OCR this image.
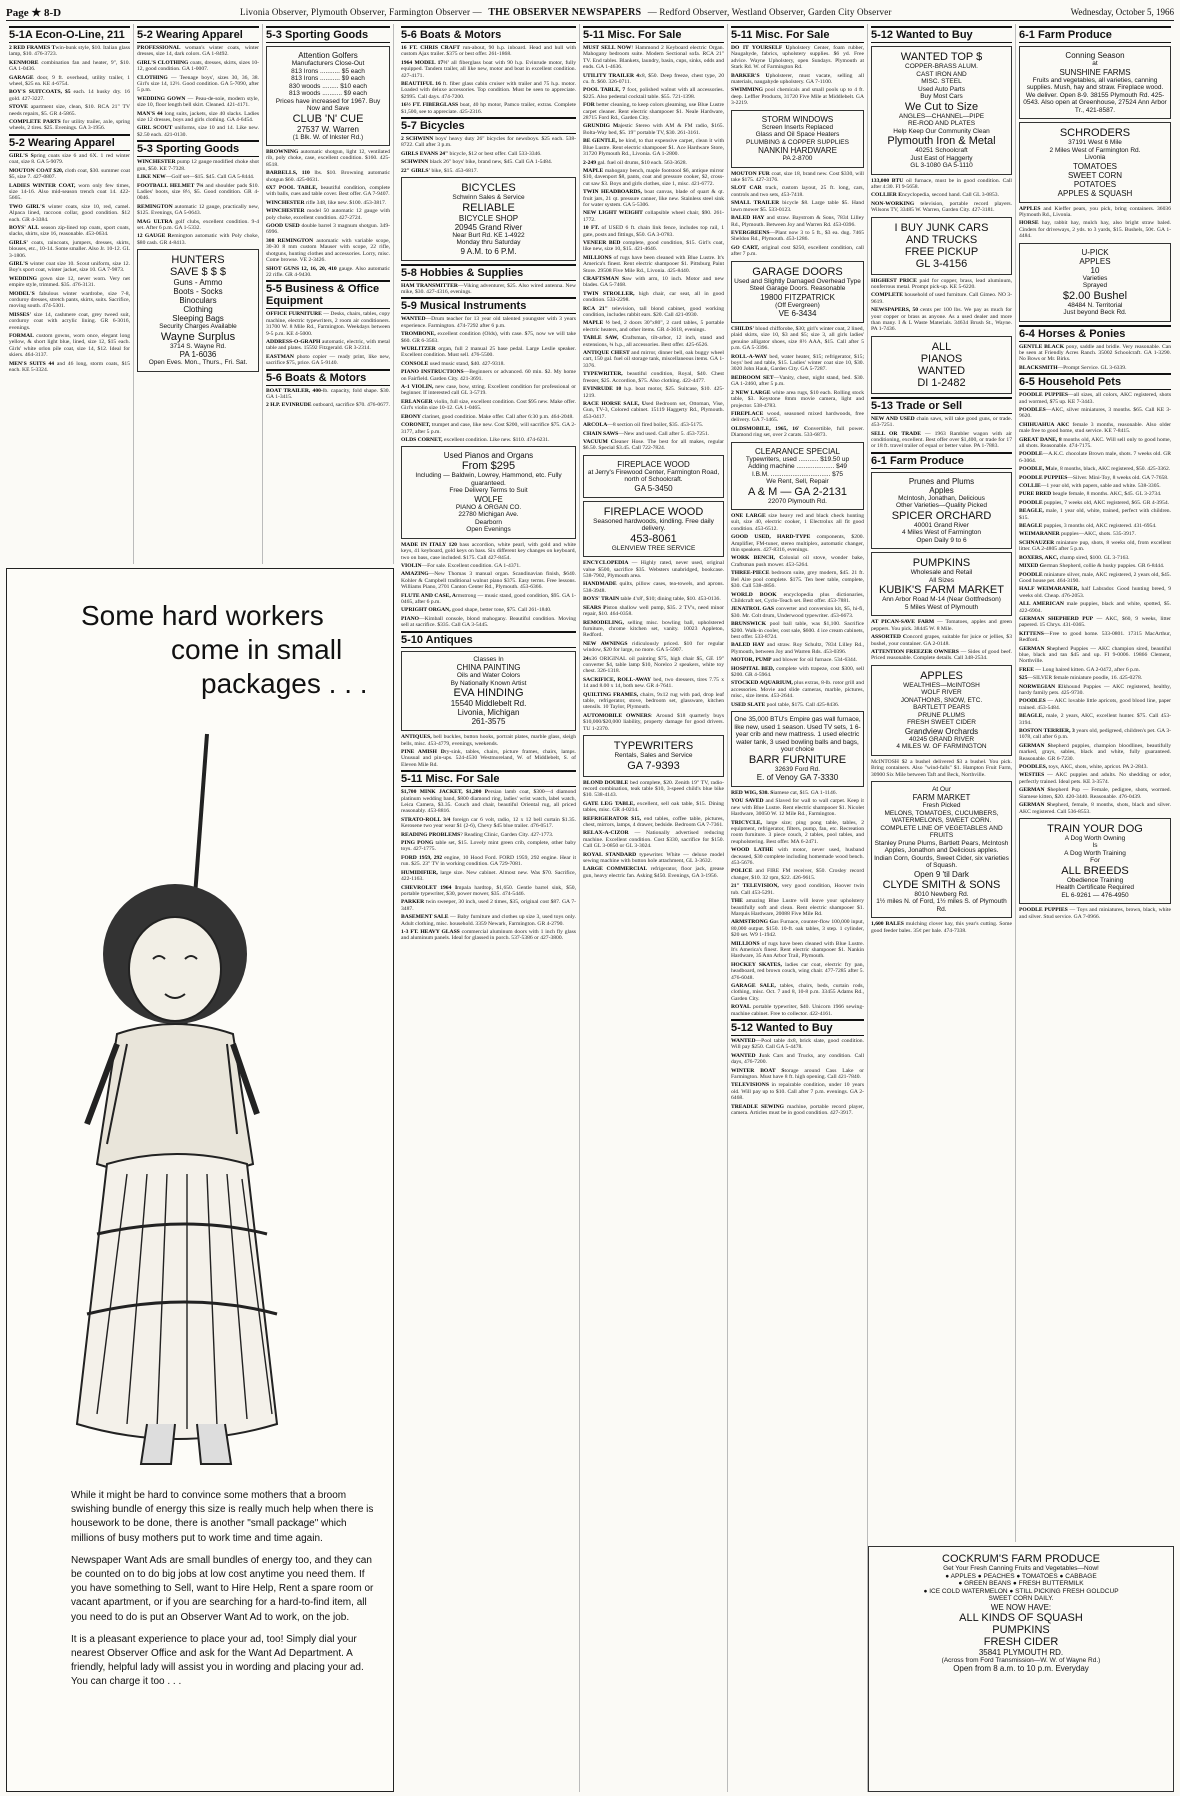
Page ★ 8-D	Livonia Observer, Plymouth Observer, Farmington Observer — THE OBSERVER NEWSPAPERS — Redford Observer, Westland Observer, Garden City Observer	Wednesday, October 5, 1966
5-1A Econ-O-Line, 211

2 RED FRAMES Twin-bunk style, $10. Italian glass lamp, $10. 476-3723.

KENMORE combination fan and heater, 9", $10. GA 1-0436.

GARAGE door, 9 ft. overhead, utility trailer, 1 wheel, $25 ea. KE 4-6754.

BOY'S SUITCOATS, $5 each. 14 husky dry. 16 gold. 427-3227.

STOVE apartment size, clean, $10. RCA 21" TV needs repairs, $5. GR 4-5865.

COMPLETE PARTS for utility trailer, axle, spring wheels, 2 tires. $25. Evenings. GA 3-1956.

5-2 Wearing Apparel

GIRL'S Spring coats size 6 and 6X. 1 red winter coat, size 8. GA 5-9079.

MOUTON COAT $20, cloth coat, $30. summer coat $5, size 7. 427-0807.

LADIES WINTER COAT, worn only few times, size 14-16. Also mid-season trench coat 14. 422-5665.

TWO GIRL'S winter coats, size 10, red, camel. Alpaca lined, raccoon collar, good condition. $12 each. GR 4-3384.

BOYS' ALL season zip-lined top coats, sport coats, slacks, shirts, size 16, reasonable. 453-0634.

GIRLS' coats, raincoats, jumpers, dresses, skirts, blouses, etc., 10-14. Some smaller. Also Jr. 10-12. GL 3-1806.

GIRL'S winter coat size 10. Scout uniform, size 12. Boy's sport coat, winter jacket, size 10. GA 7-9873.

WEDDING gown size 12, never worn. Very net empire style, trimmed. $35. 476-3131.

MODEL'S fabulous winter wardrobe, size 7-8, corduroy dresses, stretch pants, skirts, suits. Sacrifice, moving south. 474-5301.

MISSES' size 14, cashmere coat, grey tweed suit, corduroy coat with acrylic lining. GR 6-3016, evenings.

FORMAL custom gowns, worn once, elegant long yellow, & short light blue, lined, size 12, $15 each. Girls' white orlon pile coat, size 14, $12. Ideal for skiers. 464-3137.

MEN'S SUITS 44 and 46 long, storm coats, $15 each. KE 5-3324.

5-2 Wearing Apparel

PROFESSIONAL woman's winter coats, winter dresses, size 14, dark colors. GA 1-8492.

GIRL'S CLOTHING coats, dresses, skirts, sizes 10-12, good condition. GA 1-0007.

CLOTHING — Teenage boys', sizes 30, 36, 38. Girl's size 14, 12½. Good condition. GA 5-7090, after 5 p.m.

WEDDING GOWN — Peau-de-soie, modern style, size 10, floor length bell skirt. Cleaned. 421-4171.

MAN'S 44 long suits, jackets, size 40 slacks. Ladies size 12 dresses, boys and girls clothing. GA 4-6454.

GIRL SCOUT uniforms, size 10 and 14. Like new. $2.50 each. 421-0130.

5-3 Sporting Goods

WINCHESTER pump 12 gauge modified choke shot gun, $50. KE 7-7328.

LIKE NEW—Golf set—$15. $45. Call GA 5-8444.

FOOTBALL HELMET 7⅛ and shoulder pads $10. Ladies' boots, size 8½, $5. Good condition. GR 4-0046.

REMINGTON automatic 12 gauge, practically new, $125. Evenings, GA 5-0643.

MAG ULTRA golf clubs, excellent condition. 9-4 set. After 6 p.m. GA 1-5332.

12 GAUGE Remington automatic with Poly choke, $80 cash. GR 4-8413.

HUNTERS
SAVE $ $ $
Guns - Ammo
Boots - Socks
Binoculars
Clothing
Sleeping Bags
Security Charges Available
Wayne Surplus
3714 S. Wayne Rd.
PA 1-6036
Open Eves. Mon., Thurs., Fri. Sat.
5-3 Sporting Goods
Attention Golfers
Manufacturers Close-Out
813 Irons ........... $5 each
813 Irons ........... $9 each
830 woods ......... $10 each
813 woods ........... $9 each
Prices have increased for 1967. Buy Now and Save
CLUB 'N' CUE
27537 W. Warren
(1 Blk. W. of Inkster Rd.)

BROWNING automatic shotgun, light 12, ventilated rib, poly choke, case, excellent condition. $160. 425-8518.

BARBELLS, 110 lbs. $10. Browning automatic shotgun $60. 425-0631.

6X7 POOL TABLE, beautiful condition, complete with balls, cues and table cover. Best offer. GA 7-9407.

WINCHESTER rifle 348, like new. $100. 453-3817.

WINCHESTER model 50 automatic 12 gauge with poly choke, excellent condition. 427-2724.

GOOD USED double barrel 3 magnum shotgun. 349-6996.

308 REMINGTON automatic with variable scope, 30-30 8 mm custom Mauser with scope, 22 rifle, shotguns, hunting clothes and accessories. Lorry, misc. Come browse. VE 2-3426.

SHOT GUNS 12, 16, 20, 410 gauge. Also automatic 22 rifle. GR 4-9430.

5-5 Business & Office Equipment

OFFICE FURNITURE — Desks, chairs, tables, copy machine, electric typewriters, 2 room air conditioners. 31700 W. 8 Mile Rd., Farmington. Weekdays between 9-5 p.m. KE 4-5000.

ADDRESS-O-GRAPH automatic, electric, with metal table and plates. 15592 Fitzgerald. GR 3-2314.

EASTMAN photo copier — ready print, like new, sacrifice $75, price. GA 5-9140.

5-6 Boats & Motors

BOAT TRAILER, 400-lb. capacity, fold shape. $30. GA 1-3415.

2 H.P. EVINRUDE outboard, sacrifice $70. 476-0677.

Some hard workers
come in small
packages . . .

While it might be hard to convince some mothers that a broom swishing bundle of energy this size is really much help when there is housework to be done, there is another "small package" which millions of busy mothers put to work time and time again.

Newspaper Want Ads are small bundles of energy too, and they can be counted on to do big jobs at low cost anytime you need them. If you have something to Sell, want to Hire Help, Rent a spare room or vacant apartment, or if you are searching for a hard-to-find item, all you need to do is put an Observer Want Ad to work, on the job.

It is a pleasant experience to place your ad, too! Simply dial your nearest Observer Office and ask for the Want Ad Department. A friendly, helpful lady will assist you in wording and placing your ad. You can charge it too . . .

5-6 Boats & Motors

16 FT. CHRIS CRAFT run-about, 90 h.p. inboard. Head and hull with custom Ajax trailer. $375 or best offer. 261-1868.

1964 MODEL 17½' all fiberglass boat with 90 h.p. Evinrude motor, fully equipped. Tandem trailer, all like new, motor and boat in excellent condition. 427-4171.

BEAUTIFUL 16 ft. fiber glass cabin cruiser with trailer and 75 h.p. motor. Loaded with deluxe accessories. Top condition. Must be seen to appreciate. $2995. Call days. 474-7200.

16½ FT. FIBERGLASS boat, 40 hp motor, Pamco trailer, extras. Complete $1,500, see to appreciate. 425-2316.

5-7 Bicycles

2 SCHWINN boys' heavy duty 26" bicycles for newsboys. $25 each. 538-8722. Call after 3 p.m.

GIRLS EVANS 24" bicycle, $12 or best offer. Call 533-3346.

SCHWINN black 26" boys' bike, brand new, $45. Call GA 1-5484.

22" GIRLS' bike, $15. 453-6817.

BICYCLES
Schwinn Sales & Service
RELIABLE
BICYCLE SHOP
20945 Grand River
Near Burt Rd. KE 1-4922
Monday thru Saturday
9 A.M. to 6 P.M.
5-8 Hobbies & Supplies

HAM TRANSMITTER—Viking adventurer, $25. Also wired antenna. New mike, $30. 427-4316, evenings.

5-9 Musical Instruments

WANTED—Drum teacher for 13 year old talented youngster with 3 years experience. Farmington. 474-7292 after 6 p.m.

TROMBONE, excellent condition (Olds), with case. $75, now we will take $60. GR 6-3563.

WURLITZER organ, full 2 manual 25 base pedal. Large Leslie speaker. Excellent condition. Must sell. 476-5500.

CONSOLE used music stand, $40. 427-9318.

PIANO INSTRUCTIONS—Beginners or advanced. 60 min. $2. My home on Fairfield. Garden City. 421-3691.

A-1 VIOLIN, new case, bow, string. Excellent condition for professional or beginner. If interested call GL 3-5719.

ERLANGER violin, full size, excellent condition. Cost $95 new. Make offer. Girl's violin size 10-12. GA 1-0465.

EBONY clarinet, good condition. Make offer. Call after 6:30 p.m. 464-2048.

CORONET, trumpet and case, like new. Cost $200, will sacrifice $75. GA 2-3177, after 5 p.m.

OLDS CORNET, excellent condition. Like new. $110. 474-6231.

Used Pianos and Organs
From $295
Including — Baldwin, Lowrey, Hammond, etc. Fully guaranteed.
Free Delivery Terms to Suit
WOLFE
PIANO & ORGAN CO.
22780 Michigan Ave.
Dearborn
Open Evenings

MADE IN ITALY 120 bass accordion, white pearl, with gold and white keys, 41 keyboard, gold keys on bass. Six different key changes on keyboard, two on bass, case included. $175. Call 427-8454.

VIOLIN—For sale. Excellent condition. GA 1-4371.

AMAZING—New Thomas 3 manual organ. Scandinavian finish, $640. Kohler & Campbell traditional walnut piano $375. Easy terms. Free lessons. Williams Piano, 2701 Canton Center Rd., Plymouth. 453-6366.

FLUTE AND CASE, Armstrong — music stand, good condition, $95. GA 1-0465, after 6 p.m.

UPRIGHT ORGAN, good shape, better tone, $75. Call 261-1840.

PIANO—Kimball console, blond mahogany. Beautiful condition. Moving sell at sacrifice. $335. Call GA 3-5445.

5-10 Antiques
Classes In
CHINA PAINTING
Oils and Water Colors
By Nationally Known Artist
EVA HINDING
15540 Middlebelt Rd.
Livonia, Michigan
261-3575

ANTIQUES, bell buckles, button hooks, portrait plates, marble glass, sleigh bells, misc. 453-4779, evenings, weekends.

PINE AMISH Dry-sink, tables, chairs, picture frames, chairs, lamps. Unusual and pin-ups. 524-4530 Westmoreland, W. of Middlebelt, S. of Eleven Mile Rd.

5-11 Misc. For Sale

$1,700 MINK JACKET, $1,200 Persian lamb coat, $300—4 diamond platinum wedding band, $800 diamond ring, ladies' wrist watch, label watch, Leica Camera, $3.35. Couch and chair, beautiful Oriental rug, all priced reasonably. 453-8816.

STRATO-ROLL 3/4 foreign car 6 volt, radio, 12 x 12 bell curtain $1.35. Kerosene two year wear $1 (2-6), Chevy $45 blue trailer. 476-0517.

READING PROBLEMS? Reading Clinic, Garden City. 427-1773.

PING PONG table set, $15. Lovely mint green crib, complete, other baby toys. 427-1775.

FORD 1959, 292 engine, 10 Hood Ford. FORD 1959, 292 engine. Hear it run. $25. 23" TV in working condition. GA 729-7081.

HUMIDIFIER, large size. New cabinet. Almost new. Was $70. Sacrifice, 422-1163.

CHEVROLET 1964 Impala hardtop, $1,650. Gentle barrel sink, $50, portable typewriter, $30, power mower, $35. 474-5446.

PARKER twin sweeper, 30 inch, used 2 times, $35, original cost $87. GA 7-3487.

BASEMENT SALE — Baby furniture and clothes up size 3, used toys only. Adult clothing, misc. household. 3359 Newark, Farmington. GR 4-2790.

1-3 FT. HEAVY GLASS commercial aluminum doors with 1 inch fly glass and aluminum panels. Ideal for glassed in porch. 537-5386 or 427-3800.

5-11 Misc. For Sale

MUST SELL NOW! Hammond 2 Keyboard electric Organ. Mahogany bedroom suite. Modern Sectional sofa. RCA 21" TV. End tables. Blankets, laundry, basin, cups, sinks, odds and ends. GA 1-4636.

UTILITY TRAILER 4x8, $50. Deep freeze, chest type, 20 cu. ft. $60. 326-0711.

POOL TABLE, 7 foot, polished walnut with all accessories. $225. Also pedestal cocktail table. $55. 721-1398.

FOR better cleaning, to keep colors gleaming, use Blue Lustre carpet cleaner. Rent electric shampooer $1. Neale Hardware, 28715 Ford Rd., Garden City.

GRUNDIG Majestic Stereo with AM & FM radio, $165. Bolta-Way bed, $5. 19" portable TV, $30. 261-3161.

BE GENTLE, be kind, to that expensive carpet, clean it with Blue Lustre. Rent electric shampooer $1. Ace Hardware Store, 31720 Plymouth Rd., Livonia. GA 1-2800.

2-249 gal. fuel oil drums, $10 each. 563-3628.

MAPLE mahogany bench, maple footstool $6, antique mirror $10, davenport $8, pants, coat and pressure cooker, $2, cross-cut saw $3. Boys and girls clothes, size 1, misc. 421-6772.

TWIN HEADBOARDS, boat canvas, blade of quart & qt. fruit jars, 21 qt. pressure canner, like new. Stainless steel sink for water system. GA 5-5306.

NEW LIGHT WEIGHT collapsible wheel chair, $90. 261-1772.

10 FT. of USED 6 ft. chain link fence, includes top rail, 1 gate, posts and fittings, $50. GA 3-0783.

VENEER BED complete, good condition, $15. Girl's coat, like new, size 10, $15. 421-4646.

MILLIONS of rugs have been cleaned with Blue Lustre. It's America's finest. Rent electric shampooer $1. Pittsburg Paint Store. 29508 Five Mile Rd., Livonia. 425-8440.

CRAFTSMAN Saw with arm, 10 inch. Motor and new blades. GA 5-7468.

TWIN STROLLER, high chair, car seat, all in good condition. 533-2298.

RCA 21" television, tall blond cabinet, good working condition, includes rabbit ears. $20. Call 421-0930.

MAPLE ½ bed, 2 doors 30"x80", 2 card tables, 5 portable electric heaters, and other items. GR 4-3618, evenings.

TABLE SAW, Craftsman, tilt-arbor, 12 inch, stand and extensions, ¾ h.p., all accessories. Best offer. 425-6526.

ANTIQUE CHEST and mirror, dinner bell, oak buggy wheel cart, 150 gal. fuel oil storage tank, miscellaneous items. GA 1-3376.

TYPEWRITER, beautiful condition, Royal, $40. Chest freezer, $25. Accordion, $75. Also clothing. 422-4477.

EVINRUDE 10 h.p. boat motor, $25. Suitcase, $10. 425-1219.

RACE HORSE SALE, Used Bedroom set, Ottoman, Vise, Gun, TV-3, Colored cabinet. 15119 Haggerty Rd., Plymouth. 453-0417.

ARCOLA—8 section oil fired boiler, $35. 453-5175.

CHAIN SAWS—New and used. Call after 5. 453-7251.

VACUUM Cleaner Hose. The best for all makes, regular $6.50. Special $3.45. Call 722-7824.

FIREPLACE WOOD
at Jerry's Firewood Center, Farmington Road, north of Schoolcraft.
GA 5-3450
FIREPLACE WOOD
Seasoned hardwoods, kindling. Free daily delivery.
453-8061
GLENVIEW TREE SERVICE

ENCYCLOPEDIA — Highly rated, never used, original value $500, sacrifice $35. Websters unabridged, bookcase. 538-7902, Plymouth area.

HANDMADE quilts, pillow cases, tea-towels, and aprons. 538-3948.

BOYS' TRAIN table 4'x8', $10; dining table, $10. 453-0136.

SEARS Piston shallow well pump, $35. 2 TV's, need minor repair, $10. 464-0358.

REMODELING, selling misc. bowling ball, upholstered furniture, chrome kitchen set, vanity. 10023 Appleton, Redford.

NEW AWNINGS ridiculously priced. $10 for regular window, $20 for large, no more. GA 5-5907.

24x36 ORIGINAL oil painting $75, high chair $5, GE 19" converter $4, table lamp $10, Norelco 2 speakers, white toy chest. 326-1318.

SACRIFICE, ROLL-AWAY bed, two dressers, tires 7.75 x 14 and 8.00 x 14, both new. GR 4-7641.

QUILTING FRAMES, chairs, 9x12 rug with pad, drop leaf table, refrigerator, stove, bedroom set, glassware, kitchen utensils. 10 Taylor, Plymouth.

AUTOMOBILE OWNERS: Around $18 quarterly buys $10,000/$20,000 liability, property damage for good drivers. TU 1-2370.

TYPEWRITERS
Rentals, Sales and Service
GA 7-9393

BLOND DOUBLE bed complete, $20. Zenith 19" TV, radio-record combination, teak table $10, 3-speed child's blue bike $10. 538-4143.

GATE LEG TABLE, excellent, sell oak table, $15. Dining tables, misc. GR 4-0214.

REFRIGERATOR $15, end tables, coffee table, pictures, chest, mirrors, lamps, 4 drawer, bedside. Bedroom GA 7-7361.

RELAX-A-CIZOR — Nationally advertised reducing machine. Excellent condition. Cost $330, sacrifice for $150. Call GL 3-0850 or GL 3-3024.

ROYAL STANDARD typewriter. White — deluxe model sewing machine with button hole attachment, GL 3-3632.

LARGE COMMERCIAL refrigerator, floor jack, grease gun, heavy electric fan. Asking $450. Evenings, GA 3-1956.

5-11 Misc. For Sale

DO IT YOURSELF Upholstery Center, foam rubber, Naugahyde, fabrics, upholstery supplies. $6 yd. Free advice. Wayne Upholstery, open Sundays. Plymouth at Stark Rd. W. of Farmington Rd.

BARKER'S Upholsterer, must vacate, selling all materials, naugahyde upholstery. GA 7-1100.

SWIMMING pool chemicals and small pools up to 4 ft. deep. Leffler Products, 31720 Five Mile at Middlebelt. GA 3-2219.

STORM WINDOWS
Screen Inserts Replaced
Glass and Oil Space Heaters
PLUMBING & COPPER SUPPLIES
NANKIN HARDWARE
PA 2-8700

MOUTON FUR coat, size 18, brand new. Cost $330, will take $175. 427-3176.

SLOT CAR track, custom layout, 25 ft. long, cars, controls and two sets, 453-7418.

SMALL TRAILER bicycle $8. Large table $5. Hand lawn mower $5. 533-0123.

BALED HAY and straw. Baystrom & Sons, 7834 Lilley Rd., Plymouth. Between Joy and Warren Rd. 453-0396.

EVERGREENS—Plant now 3 to 5 ft., $3 ea. dug. 7465 Sheldon Rd., Plymouth. 453-1286.

GO CART, original cost $250, excellent condition, call after 7 p.m.

GARAGE DOORS
Used and Slightly Damaged Overhead Type Steel Garage Doors. Reasonable
19800 FITZPATRICK
(Off Evergreen)
VE 6-3434

CHILDS' blond chifforobe, $30; girl's winter coat, 2 lined, plaid skirts, size 10, $3 and $5; size 3, all girls ladies' genuine alligator shoes, size 8½ AAA, $15. Call after 5 p.m. GA 5-3396.

ROLL-A-WAY bed, water heater, $15; refrigerator, $15; boys' bed and table, $15. Ladies' winter coat size 10, $30. 3020 John Hauk, Garden City. GA 5-7287.

BEDROOM SET—Vanity, chest, night stand, bed. $30. GA 1-2460, after 5 p.m.

2 NEW LARGE white area rugs, $10 each. Rolling stock table, $3. Keystone 8mm movie camera, light and projector. 538-4783.

FIREPLACE wood, seasoned mixed hardwoods, free delivery. GA 7-1465.

OLDSMOBILE, 1965, 16' Convertible, full power. Diamond ring set, over 2 carats. 533-6873.

CLEARANCE SPECIAL
Typewriters, used ........... $19.50 up
Adding machine ..................... $49
I.B.M. ................................. $75
We Rent, Sell, Repair
A & M — GA 2-2131
22070 Plymouth Rd.

ONE LARGE size heavy red and black check hunting suit, size 40, electric cooker, 1 Electrolux all fit good condition. 453-6512.

GOOD USED, HARD-TYPE components, $200. Amplifier, FM-tuner, stereo multiplex, automatic changer, thin speakers. 427-8316, evenings.

WORK BENCH, Colonial oil stove, wonder bake, Craftsman push mower. 453-5264.

THREE-PIECE bedroom suite, grey modern, $45. 21 ft. Bel Aire pool complete. $175. Ten beer table, complete, $30. Call 538-4856.

WORLD BOOK encyclopedia plus dictionaries, Childcraft set, Cyclo-Teach set. Best offer. 453-7881.

JENATROL GAS converter and conversion kit, $5, hi-fi, $30. Mr. Colt drum, Underwood typewriter. 453-6673.

BRUNSWICK pool ball table, was $1,100. Sacrifice $200. Walk-in cooler, cost sale, $600. 4 ice cream cabinets, best offer. 533-8724.

BALED HAY and straw. Roy Schultz, 7834 Lilley Rd., Plymouth, between Joy and Warren Rds. 453-0396.

MOTOR, PUMP and blower for oil furnace. 534-6344.

HOSPITAL BED, complete with trapeze, cost $300, sell $200. GR 4-5964.

STOCKED AQUARIUM, plus extras, 8-lb. rotor grill and accessories. Movie and slide cameras, marble, pictures, misc., size items. 453-2644.

USED SLATE pool table, $175. Call 425-8436.

One 35,000 BTU's Empire gas wall furnace, like new, used 1 season. Used TV sets, 1 6-year crib and new mattress. 1 used electric water tank, 3 used bowling balls and bags, your choice
BARR FURNITURE
32639 Ford Rd.
E. of Venoy GA 7-3330

RED WIG, $30. Siamese cat, $15. GA 1-1146.

YOU SAVED and Slaved for wall to wall carpet. Keep it new with Blue Lustre. Rent electric shampooer $1. Nicolet Hardware, 30050 W. 12 Mile Rd., Farmington.

TRICYCLE, large size; ping pong table, tables, 2 equipment, refrigerator, filters, pump, fan, etc. Recreation room furniture. 3 piece couch, 2 tables, pool tables, and reupholstering. Best offer. MA 6-2471.

WOOD LATHE with motor, never used, husband deceased, $30 complete including homemade wood bench. 453-5676.

POLICE and FIRE FM receiver, $50. Crosley record changer, $10. 32 rpm, $22. 426-9615.

21" TELEVISION, very good condition, Hoover twin tub. Call 453-5291.

THE amazing Blue Lustre will leave your upholstery beautifully soft and clean. Rent electric shampooer $1. Marquis Hardware, 20088 Five Mile Rd.

ARMSTRONG Gas Furnace, counter-flow 100,000 input, 80,000 output. $150. 10-ft. oak tables, 3 step. 1 cylinder, $20 set. W9 1-1942.

MILLIONS of rugs have been cleaned with Blue Lustre. It's America's finest. Rent electric shampooer $1. Nankin Hardware, 35 Ann Arbor Trail, Plymouth.

HOCKEY SKATES, ladies car coat, electric fry pan, headboard, red brown couch, wing chair. 477-7285 after 5. 476-6048.

GARAGE SALE, tables, chairs, beds, curtain rods, clothing, misc. Oct. 7 and 8, 10-8 p.m. 33455 Adams Rd., Garden City.

ROYAL portable typewriter, $40. Unicorn 1966 sewing-machine cabinet. Free to collector. 422-4161.

5-12 Wanted to Buy

WANTED—Pool table 4x8, brick slate, good condition. Will pay $250. Call GA 5-4478.

WANTED Junk Cars and Trucks, any condition. Call days, 476-7200.

WINTER BOAT Storage around Cass Lake or Farmington. Must have 8 ft. high opening. Call 421-7840.

TELEVISIONS in repairable condition, under 10 years old. Will pay up to $10. Call after 7 p.m. evenings. GA 2-6468.

TREADLE SEWING machine, portable record player, camera. Articles must be in good condition. 427-3917.

5-12 Wanted to Buy
WANTED TOP $
COPPER-BRASS ALUM.
CAST IRON AND
MISC. STEEL
Used Auto Parts
Buy Most Cars
We Cut to Size
ANGLES—CHANNEL—PIPE
RE-ROD AND PLATES
Help Keep Our Community Clean
Plymouth Iron & Metal
40251 Schoolcraft
Just East of Haggerty
GL 3-1080 GA 5-1110

133,000 BTU oil furnace, must be in good condition. Call after 4:30. FI 9-5658.

COLLIER Encyclopedia, second hand. Call GL 3-0853.

NON-WORKING television, portable record players. Wilsons TV, 33485 W. Warren, Garden City. 427-3181.

I BUY JUNK CARS
AND TRUCKS
FREE PICKUP
GL 3-4156

HIGHEST PRICE paid for copper, brass, lead aluminum, nonferrous metal. Prompt pick-up. KE 5-6220.

COMPLETE household of used furniture. Call Gimeo. NO 3-9619.

NEWSPAPERS, 50 cents per 100 lbs. We pay as much for your copper or brass as anyone. As a used dealer and more than many. I & L Waste Materials. 34634 Brush St., Wayne. PA 1-7436.

ALL
PIANOS
WANTED
DI 1-2482
5-13 Trade or Sell

NEW AND USED chain saws, will take good guns, or trade. 453-7251.

SELL OR TRADE — 1963 Rambler wagon with air conditioning, excellent. Best offer over $1,400, or trade for 17 or 18 ft. travel trailer of equal or better value. PA 1-7883.

6-1 Farm Produce
Prunes and Plums
Apples
McIntosh, Jonathan, Delicious
Other Varieties—Quality Picked
SPICER ORCHARD
40001 Grand River
4 Miles West of Farmington
Open Daily 9 to 6
PUMPKINS
Wholesale and Retail
All Sizes
KUBIK'S FARM MARKET
Ann Arbor Road M-14 (Near Gottfredson)
5 Miles West of Plymouth

AT PICAN-SAVE FARM — Tomatoes, apples and green peppers. You pick. 38445 W. 8 Mile.

ASSORTED Concord grapes, suitable for juice or jellies, $3 bushel, your container. GA 2-0148.

ATTENTION FREEZER OWNERS — Sides of good beef. Priced reasonable. Complete details. Call 348-2534.

APPLES
WEALTHIES—McINTOSH
WOLF RIVER
JONATHONS, SNOW, ETC.
BARTLETT PEARS
PRUNE PLUMS
FRESH SWEET CIDER
Grandview Orchards
40245 GRAND RIVER
4 MILES W. OF FARMINGTON

McINTOSH $2 a bushel delivered $3 a bushel. You pick. Bring containers. Also "wind-falls" $1. Hampton Fruit Farm, 30900 Six Mile between Taft and Beck, Northville.

At Our
FARM MARKET
Fresh Picked
MELONS, TOMATOES, CUCUMBERS, WATERMELONS, SWEET CORN.
COMPLETE LINE OF VEGETABLES AND FRUITS
Stanley Prune Plums, Bartlett Pears, McIntosh Apples, Jonathon and Delicious apples.
Indian Corn, Gourds, Sweet Cider, six varieties of Squash.
Open 9 'til Dark
CLYDE SMITH & SONS
8010 Newberg Rd.
1½ miles N. of Ford, 1½ miles S. of Plymouth Rd.

1,600 BALES mulching clover hay, this year's cutting. Some good feeder bales. 35¢ per bale. 474-7338.

6-1 Farm Produce
Conning Season
at
SUNSHINE FARMS
Fruits and vegetables, all varieties, canning supplies. Mush, hay and straw. Fireplace wood. We deliver. Open 8-9. 38155 Plymouth Rd. 425-0543. Also open at Greenhouse, 27524 Ann Arbor Tr., 421-8587.
SCHRODERS
37191 West 6 Mile
2 Miles West of Farmington Rd.
Livonia
TOMATOES
SWEET CORN
POTATOES
APPLES & SQUASH

APPLES and Kieffer pears, you pick, bring containers. 36036 Plymouth Rd., Livonia.

HORSE hay, rabbit hay, mulch hay, also bright straw baled. Cinders for driveways, 2 yds. to 3 yards, $15. Bushels, 50¢. GA 1-4484.

U-PICK
APPLES
10
Varieties
Sprayed
$2.00 Bushel
48484 N. Territorial
Just beyond Beck Rd.
6-4 Horses & Ponies

GENTLE BLACK pony, saddle and bridle. Very reasonable. Can be seen at Friendly Acres Ranch. 35002 Schoolcraft. GA 1-3290. No Bows or Mr. Birks.

BLACKSMITH—Prompt Service. GL 3-6339.

6-5 Household Pets

POODLE PUPPIES—all sizes, all colors, AKC registered, shots and wormed, $75 up. KE 7-3443.

POODLES—AKC, silver miniatures, 3 months. $65. Call KE 3-9620.

CHIHUAHUA AKC female 3 months, reasonable. Also older male free to good home, stud service. KE 7-8415.

GREAT DANE, 8 months old, AKC. Will sell only to good home, all shots. Reasonable. 474-7175.

POODLE—A.K.C. chocolate Brown male, shots. 7 weeks old. GR 6-3064.

POODLE, Male, 8 months, black, AKC registered, $50. 425-3362.

POODLE PUPPIES—Silver. Mini-Toy, 8 weeks old. GA 7-7658.

COLLIE—1 year old, with papers, sable and white. 538-3305.

PURE BRED beagle female, 8 months. AKC, $45. GL 3-2734.

POODLE puppies, 7 weeks old, AKC registered, $65. GR 4-3954.

BEAGLE, male, 1 year old, white, trained, perfect with children. $15.

BEAGLE puppies, 3 months old, AKC registered. 431-6954.

WEIMARANER puppies—AKC, shots. 535-3917.

SCHNAUZER miniature pup, shots, 8 weeks old, from excellent litter. GA 2-4805 after 5 p.m.

BOXERS, AKC, champ sired, $100. GL 3-7163.

MIXED German Shepherd, collie & husky puppies. GR 6-8444.

POODLE miniature silver, male, AKC registered, 2 years old, $45. Good house pet. 464-3190.

HALF WEIMARANER, half Labrador. Good hunting breed, 9 weeks old. Cheap. 476-2053.

ALL AMERICAN male puppies, black and white, spotted, $5. 422-6904.

GERMAN SHEPHERD PUP — AKC, $60, 9 weeks, litter papered. 15 Chrys. 431-0365.

KITTENS—Free to good home. 533-0801. 17315 MacArthur, Redford.

GERMAN Shepherd Puppies — AKC champion sired, beautiful blue, black and tan $45 and up. FI 9-0006. 19866 Clement, Northville.

FREE — Long haired kitten. GA 2-0472, after 6 p.m.

$25—SILVER female miniature poodle, 16. 425-0278.

NORWEGIAN Elkhound Puppies — AKC registered, healthy, hardy family pets. 425-9730.

POODLES — AKC lovable little apricots, good blood line, paper trained. 453-5484.

BEAGLE, male, 2 years, AKC, excellent hunter. $75. Call 453-3194.

BOSTON TERRIER, 3 years old, pedigreed, children's pet. GA 3-1078, call after 6 p.m.

GERMAN Shepherd puppies, champion bloodlines, beautifully marked, grays, sables, black and white, fully guaranteed. Reasonable. GR 6-7230.

POODLES, toys, AKC, shots, white, apricot. PA 2-2843.

WESTIES — AKC puppies and adults. No shedding or odor, perfectly trained. Ideal pets. KE 3-3574.

GERMAN Shepherd Pup — Female, pedigree, shots, wormed. Siamese kitten, $20. 420-3440. Reasonable. 476-0439.

GERMAN Shepherd, female, 8 months, shots, black and silver. AKC registered. Call 536-8553.

TRAIN YOUR DOG
A Dog Worth Owning
Is
A Dog Worth Training
For
ALL BREEDS
Obedience Training
Health Certificate Required
EL 6-9261 — 476-4950

POODLE PUPPIES — Toys and miniatures, brown, black, white and silver. Stud service. GA 7-0966.

COCKRUM'S FARM PRODUCE
Get Your Fresh Canning Fruits and Vegetables—Now!
● APPLES ● PEACHES ● TOMATOES ● CABBAGE
● GREEN BEANS ● FRESH BUTTERMILK
● ICE COLD WATERMELON ● STILL PICKING FRESH GOLDCUP
SWEET CORN DAILY.
WE NOW HAVE:
ALL KINDS OF SQUASH
PUMPKINS
FRESH CIDER
35841 PLYMOUTH RD.
(Across from Ford Transmission—W. W. of Wayne Rd.)
Open from 8 a.m. to 10 p.m. Everyday
